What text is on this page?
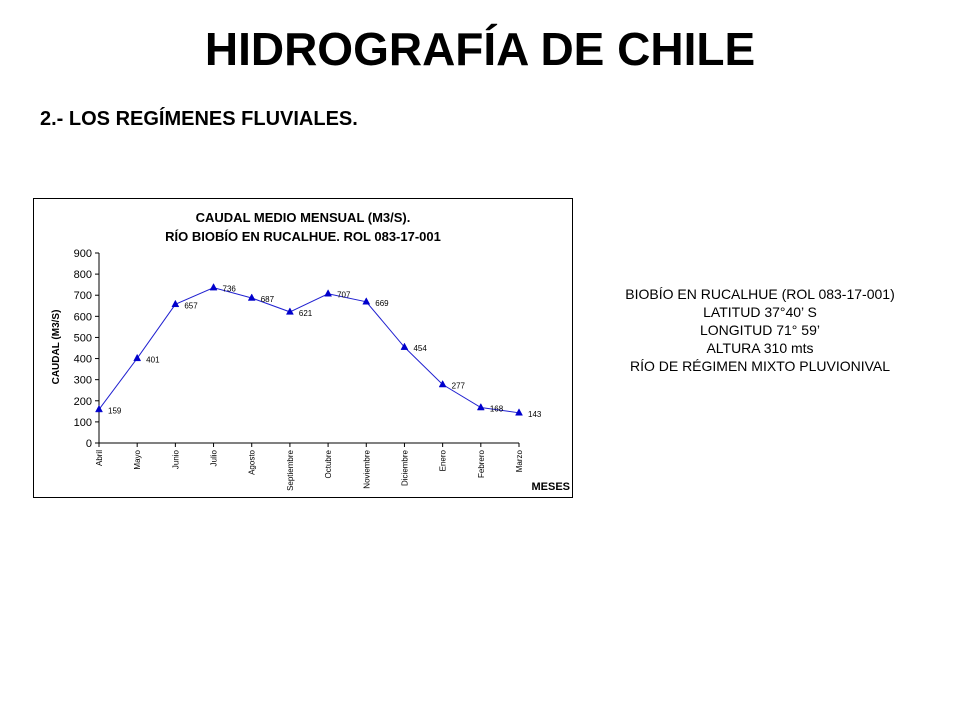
HIDROGRAFÍA DE CHILE
2.- LOS REGÍMENES FLUVIALES.
CAUDAL MEDIO MENSUAL (M3/S).
RÍO BIOBÍO EN RUCALHUE. ROL 083-17-001
CAUDAL (M3/S)
MESES
0
100
200
300
400
500
600
700
800
900
Abril	Mayo	Junio	Julio	Agosto	Septiembre	Octubre	Noviembre	Diciembre	Enero	Febrero	Marzo
159
401
657
736
687
621
707
669
454
277
168
143
BIOBÍO EN RUCALHUE (ROL 083-17-001)
LATITUD 37°40’ S
LONGITUD 71° 59’
ALTURA 310 mts
RÍO DE RÉGIMEN MIXTO PLUVIONIVAL
